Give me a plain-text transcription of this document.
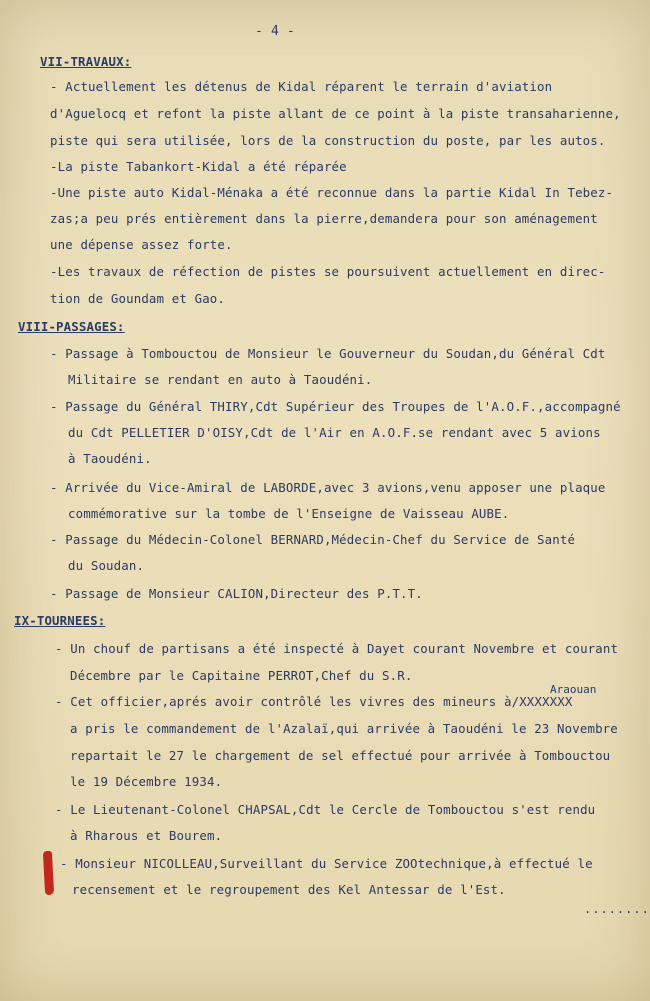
- 4 -
VII-TRAVAUX:
- Actuellement les détenus de Kidal réparent le terrain d'aviation
d'Aguelocq et refont la piste allant de ce point à la piste transaharienne,
piste qui sera utilisée, lors de la construction du poste, par les autos.
-La piste Tabankort-Kidal a été réparée
-Une piste auto Kidal-Ménaka a été reconnue dans la partie Kidal In Tebez-
zas;a peu prés entièrement dans la pierre,demandera pour son aménagement
une dépense assez forte.
-Les travaux de réfection de pistes se poursuivent actuellement en direc-
tion de Goundam et Gao.
VIII-PASSAGES:
- Passage à Tombouctou de Monsieur le Gouverneur du Soudan,du Général Cdt
Militaire se rendant en auto à Taoudéni.
- Passage du Général THIRY,Cdt Supérieur des Troupes de l'A.O.F.,accompagné
du Cdt PELLETIER D'OISY,Cdt de l'Air en A.O.F.se rendant avec 5 avions
à Taoudéni.
- Arrivée du Vice-Amiral de LABORDE,avec 3 avions,venu apposer une plaque
commémorative sur la tombe de l'Enseigne de Vaisseau AUBE.
- Passage du Médecin-Colonel BERNARD,Médecin-Chef du Service de Santé
du Soudan.
- Passage de Monsieur CALION,Directeur des P.T.T.
IX-TOURNEES:
- Un chouf de partisans a été inspecté à Dayet courant Novembre et courant
Décembre par le Capitaine PERROT,Chef du S.R.
Araouan
- Cet officier,aprés avoir contrôlé les vivres des mineurs à/XXXXXXX
a pris le commandement de l'Azalaï,qui arrivée à Taoudéni le 23 Novembre
repartait le 27 le chargement de sel effectué pour arrivée à Tombouctou
le 19 Décembre 1934.
- Le Lieutenant-Colonel CHAPSAL,Cdt le Cercle de Tombouctou s'est rendu
à Rharous et Bourem.
- Monsieur NICOLLEAU,Surveillant du Service ZOOtechnique,à effectué le
recensement et le regroupement des Kel Antessar de l'Est.
........
